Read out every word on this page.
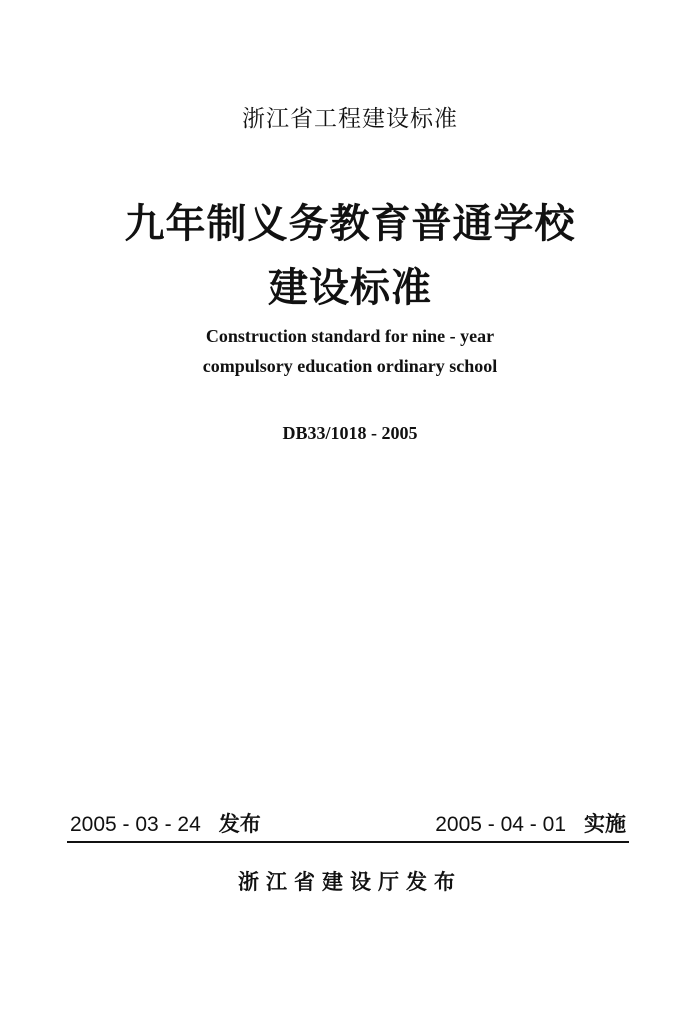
浙江省工程建设标准
九年制义务教育普通学校
建设标准
Construction standard for nine - year
compulsory education ordinary school
DB33/1018 - 2005
2005 - 03 - 24 发布	2005 - 04 - 01 实施
浙江省建设厅发布
